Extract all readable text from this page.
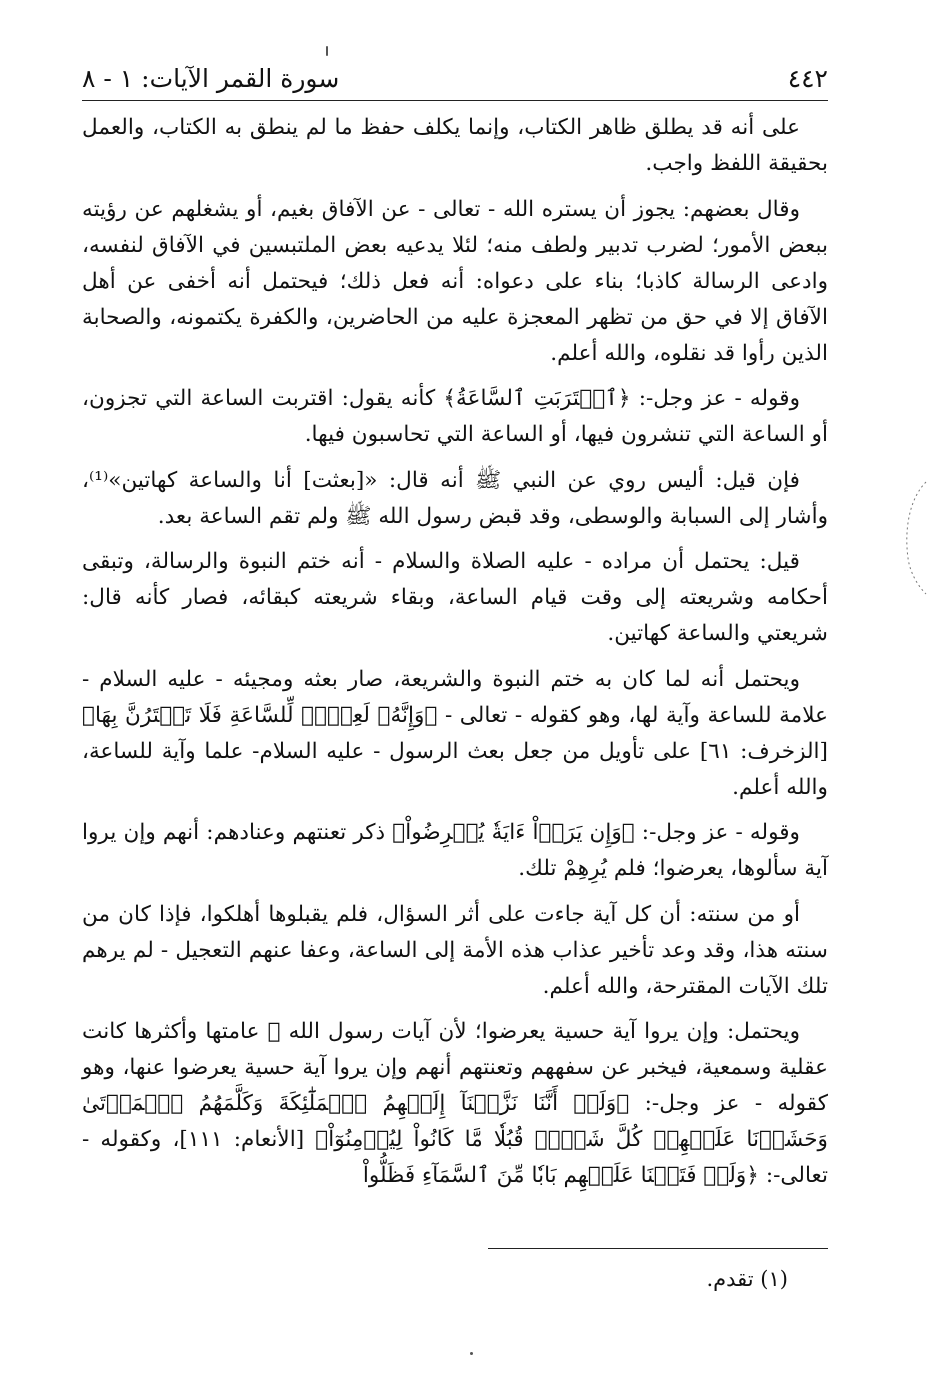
٤٤٢
سورة القمر الآيات: ١ - ٨

على أنه قد يطلق ظاهر الكتاب، وإنما يكلف حفظ ما لم ينطق به الكتاب، والعمل بحقيقة اللفظ واجب.

وقال بعضهم: يجوز أن يستره الله - تعالى - عن الآفاق بغيم، أو يشغلهم عن رؤيته ببعض الأمور؛ لضرب تدبير ولطف منه؛ لئلا يدعيه بعض الملتبسين في الآفاق لنفسه، وادعى الرسالة كاذبا؛ بناء على دعواه: أنه فعل ذلك؛ فيحتمل أنه أخفى عن أهل الآفاق إلا في حق من تظهر المعجزة عليه من الحاضرين، والكفرة يكتمونه، والصحابة الذين رأوا قد نقلوه، والله أعلم.

وقوله - عز وجل-: ﴿ٱقۡتَرَبَتِ ٱلسَّاعَةُ﴾ كأنه يقول: اقتربت الساعة التي تجزون، أو الساعة التي تنشرون فيها، أو الساعة التي تحاسبون فيها.

فإن قيل: أليس روي عن النبي ﷺ أنه قال: «[بعثت] أنا والساعة كهاتين»⁽¹⁾، وأشار إلى السبابة والوسطى، وقد قبض رسول الله ﷺ ولم تقم الساعة بعد.

قيل: يحتمل أن مراده - عليه الصلاة والسلام - أنه ختم النبوة والرسالة، وتبقى أحكامه وشريعته إلى وقت قيام الساعة، وبقاء شريعته كبقائه، فصار كأنه قال: شريعتي والساعة كهاتين.

ويحتمل أنه لما كان به ختم النبوة والشريعة، صار بعثه ومجيئه - عليه السلام - علامة للساعة وآية لها، وهو كقوله - تعالى - ﴿وَإِنَّهُۥ لَعِلۡمٞ لِّلسَّاعَةِ فَلَا تَمۡتَرُنَّ بِهَا﴾ [الزخرف: ٦١] على تأويل من جعل بعث الرسول - عليه السلام- علما وآية للساعة، والله أعلم.

وقوله - عز وجل-: ﴿وَإِن يَرَوۡاْ ءَايَةٗ يُعۡرِضُواْ﴾ ذكر تعنتهم وعنادهم: أنهم وإن يروا آية سألوها، يعرضوا؛ فلم يُرِهِمْ تلك.

أو من سنته: أن كل آية جاءت على أثر السؤال، فلم يقبلوها أهلكوا، فإذا كان من سنته هذا، وقد وعد تأخير عذاب هذه الأمة إلى الساعة، وعفا عنهم التعجيل - لم يرهم تلك الآيات المقترحة، والله أعلم.

ويحتمل: وإن يروا آية حسية يعرضوا؛ لأن آيات رسول الله ﷺ عامتها وأكثرها كانت عقلية وسمعية، فيخبر عن سفههم وتعنتهم أنهم وإن يروا آية حسية يعرضوا عنها، وهو كقوله - عز وجل-: ﴿وَلَوۡ أَنَّنَا نَزَّلۡنَآ إِلَيۡهِمُ ٱلۡمَلَٰٓئِكَةَ وَكَلَّمَهُمُ ٱلۡمَوۡتَىٰ وَحَشَرۡنَا عَلَيۡهِمۡ كُلَّ شَيۡءٖ قُبُلٗا مَّا كَانُواْ لِيُؤۡمِنُوٓاْ﴾ [الأنعام: ١١١]، وكقوله - تعالى-: ﴿وَلَوۡ فَتَحۡنَا عَلَيۡهِم بَابٗا مِّنَ ٱلسَّمَآءِ فَظَلُّواْ

(١) تقدم.
